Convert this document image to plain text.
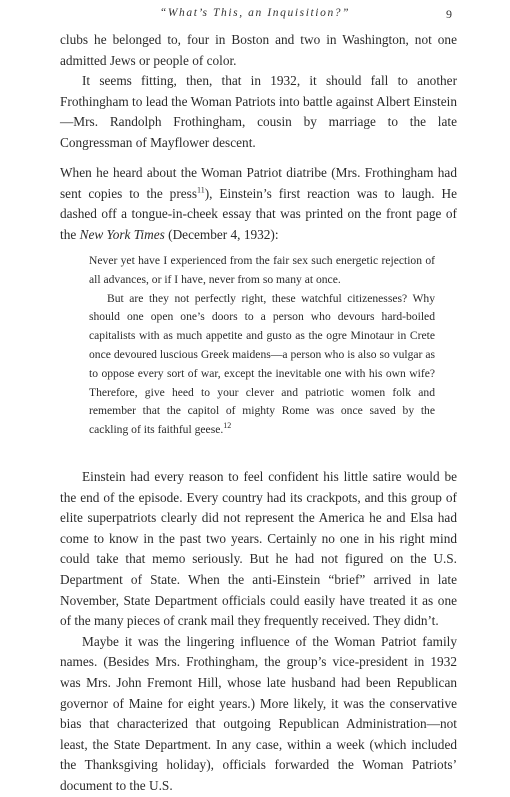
“What’s This, an Inquisition?”	9

clubs he belonged to, four in Boston and two in Washington, not one admitted Jews or people of color.

It seems fitting, then, that in 1932, it should fall to another Frothingham to lead the Woman Patriots into battle against Albert Einstein—Mrs. Randolph Frothingham, cousin by marriage to the late Congressman of Mayflower descent.

When he heard about the Woman Patriot diatribe (Mrs. Frothingham had sent copies to the press$^{11}$), Einstein’s first reaction was to laugh. He dashed off a tongue-in-cheek essay that was printed on the front page of the New York Times (December 4, 1932):

Never yet have I experienced from the fair sex such energetic rejection of all advances, or if I have, never from so many at once.

But are they not perfectly right, these watchful citizenesses? Why should one open one’s doors to a person who devours hard-boiled capitalists with as much appetite and gusto as the ogre Minotaur in Crete once devoured luscious Greek maidens—a person who is also so vulgar as to oppose every sort of war, except the inevitable one with his own wife? Therefore, give heed to your clever and patriotic women folk and remember that the capitol of mighty Rome was once saved by the cackling of its faithful geese.$^{12}$

Einstein had every reason to feel confident his little satire would be the end of the episode. Every country had its crackpots, and this group of elite superpatriots clearly did not represent the America he and Elsa had come to know in the past two years. Certainly no one in his right mind could take that memo seriously. But he had not figured on the U.S. Department of State. When the anti-Einstein “brief” arrived in late November, State Department officials could easily have treated it as one of the many pieces of crank mail they frequently received. They didn’t.

Maybe it was the lingering influence of the Woman Patriot family names. (Besides Mrs. Frothingham, the group’s vice-president in 1932 was Mrs. John Fremont Hill, whose late husband had been Republican governor of Maine for eight years.) More likely, it was the conservative bias that characterized that outgoing Republican Administration—not least, the State Department. In any case, within a week (which included the Thanksgiving holiday), officials forwarded the Woman Patriots’ document to the U.S.
